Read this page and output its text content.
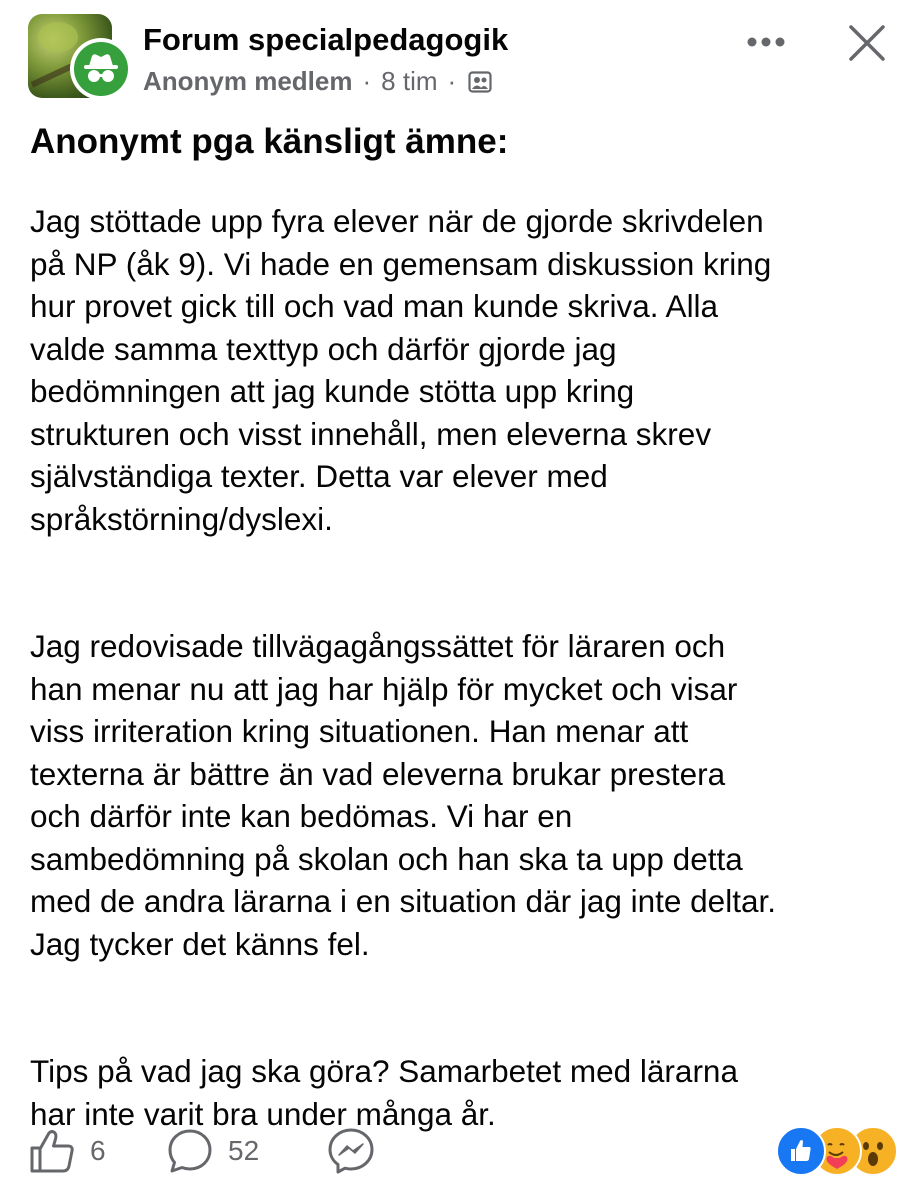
Forum specialpedagogik
Anonym medlem · 8 tim ·
Anonymt pga känsligt ämne:

Jag stöttade upp fyra elever när de gjorde skrivdelen
på NP (åk 9). Vi hade en gemensam diskussion kring
hur provet gick till och vad man kunde skriva. Alla
valde samma texttyp och därför gjorde jag
bedömningen att jag kunde stötta upp kring
strukturen och visst innehåll, men eleverna skrev
självständiga texter. Detta var elever med
språkstörning/dyslexi.

Jag redovisade tillvägagångssättet för läraren och
han menar nu att jag har hjälp för mycket och visar
viss irriteration kring situationen. Han menar att
texterna är bättre än vad eleverna brukar prestera
och därför inte kan bedömas. Vi har en
sambedömning på skolan och han ska ta upp detta
med de andra lärarna i en situation där jag inte deltar.
Jag tycker det känns fel.

Tips på vad jag ska göra? Samarbetet med lärarna
har inte varit bra under många år.

6	52
